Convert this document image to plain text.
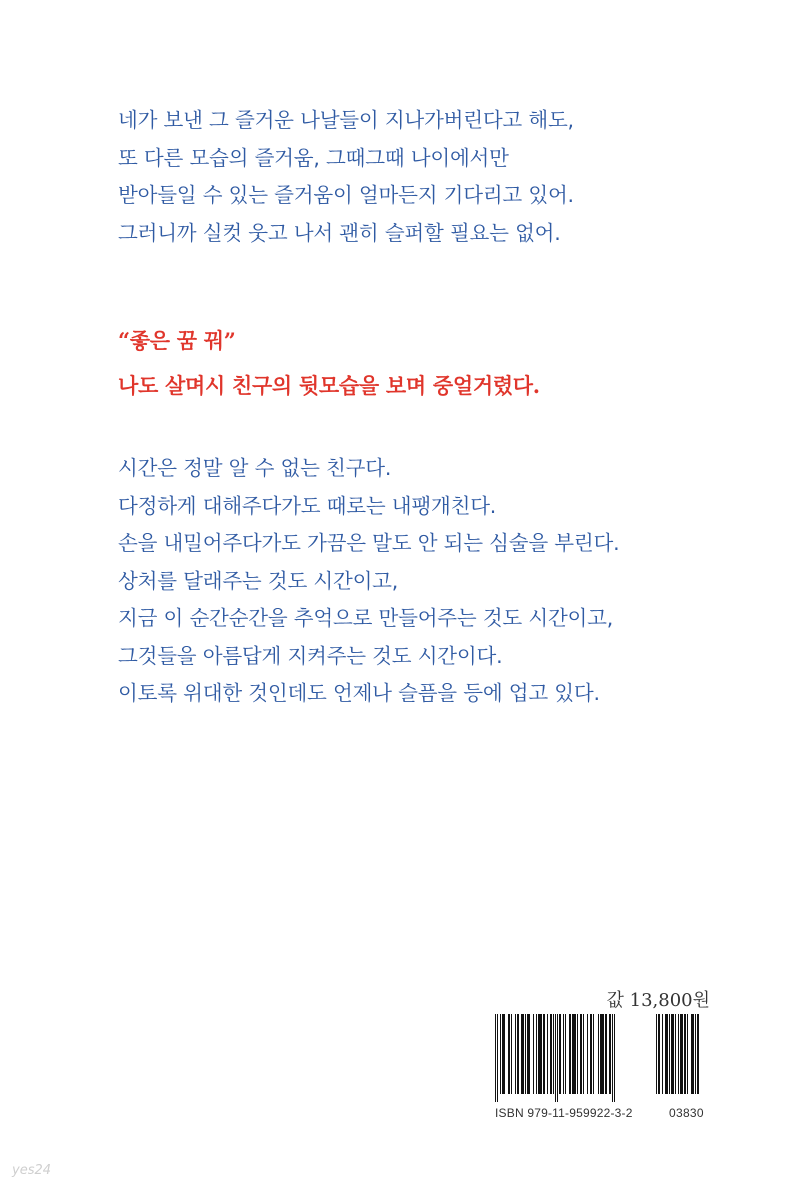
네가 보낸 그 즐거운 나날들이 지나가버린다고 해도,
또 다른 모습의 즐거움, 그때그때 나이에서만
받아들일 수 있는 즐거움이 얼마든지 기다리고 있어.
그러니까 실컷 웃고 나서 괜히 슬퍼할 필요는 없어.
“좋은 꿈 꿔”
나도 살며시 친구의 뒷모습을 보며 중얼거렸다.
시간은 정말 알 수 없는 친구다.
다정하게 대해주다가도 때로는 내팽개친다.
손을 내밀어주다가도 가끔은 말도 안 되는 심술을 부린다.
상처를 달래주는 것도 시간이고,
지금 이 순간순간을 추억으로 만들어주는 것도 시간이고,
그것들을 아름답게 지켜주는 것도 시간이다.
이토록 위대한 것인데도 언제나 슬픔을 등에 업고 있다.
값 13,800원
ISBN 979-11-959922-3-2	03830
yes24
